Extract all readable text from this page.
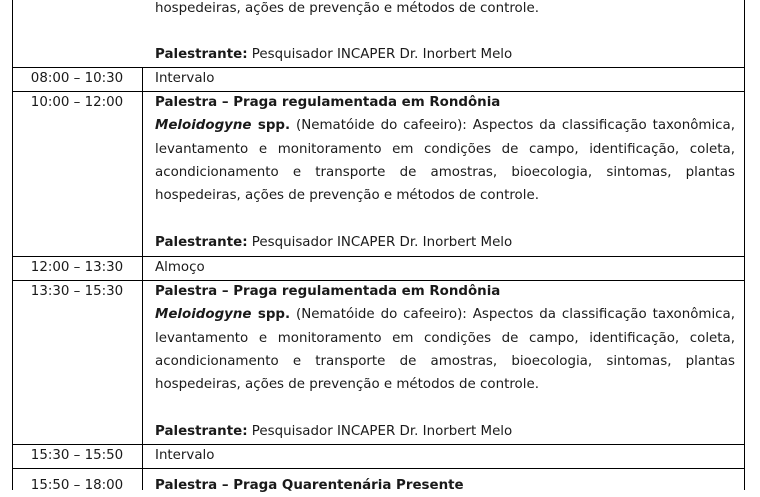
hospedeiras, ações de prevenção e métodos de controle.
Palestrante: Pesquisador INCAPER Dr. Inorbert Melo
08:00 – 10:30	Intervalo
10:00 – 12:00	Palestra – Praga regulamentada em Rondônia
Meloidogyne spp. (Nematóide do cafeeiro): Aspectos da classificação taxonômica,
levantamento e monitoramento em condições de campo, identificação, coleta,
acondicionamento e transporte de amostras, bioecologia, sintomas, plantas
hospedeiras, ações de prevenção e métodos de controle.
Palestrante: Pesquisador INCAPER Dr. Inorbert Melo
12:00 – 13:30	Almoço
13:30 – 15:30	Palestra – Praga regulamentada em Rondônia
Meloidogyne spp. (Nematóide do cafeeiro): Aspectos da classificação taxonômica,
levantamento e monitoramento em condições de campo, identificação, coleta,
acondicionamento e transporte de amostras, bioecologia, sintomas, plantas
hospedeiras, ações de prevenção e métodos de controle.
Palestrante: Pesquisador INCAPER Dr. Inorbert Melo
15:30 – 15:50	Intervalo
15:50 – 18:00	Palestra – Praga Quarentenária Presente
